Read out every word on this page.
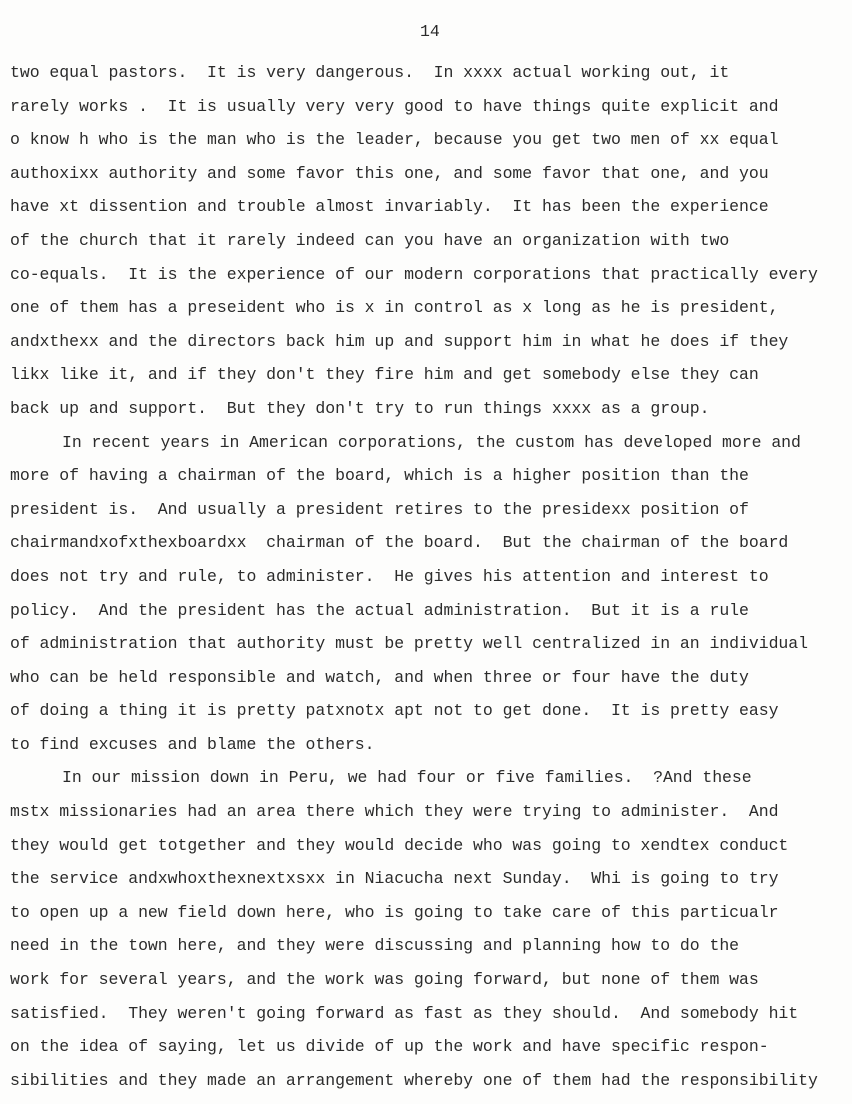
14
two equal pastors.  It is very dangerous.  In xxxx actual working out, it
rarely works .  It is usually very very good to have things quite explicit and
o know h who is the man who is the leader, because you get two men of xx equal
authoxixx authority and some favor this one, and some favor that one, and you
have xt dissention and trouble almost invariably.  It has been the experience
of the church that it rarely indeed can you have an organization with two
co-equals.  It is the experience of our modern corporations that practically every
one of them has a preseident who is x in control as x long as he is president,
andxthexx and the directors back him up and support him in what he does if they
likx like it, and if they don't they fire him and get somebody else they can
back up and support.  But they don't try to run things xxxx as a group.
In recent years in American corporations, the custom has developed more and
more of having a chairman of the board, which is a higher position than the
president is.  And usually a president retires to the presidexx position of
chairmandxofxthexboardxx  chairman of the board.  But the chairman of the board
does not try and rule, to administer.  He gives his attention and interest to
policy.  And the president has the actual administration.  But it is a rule
of administration that authority must be pretty well centralized in an individual
who can be held responsible and watch, and when three or four have the duty
of doing a thing it is pretty patxnotx apt not to get done.  It is pretty easy
to find excuses and blame the others.
In our mission down in Peru, we had four or five families.  ?And these
mstx missionaries had an area there which they were trying to administer.  And
they would get totgether and they would decide who was going to xendtex conduct
the service andxwhoxthexnextxsxx in Niacucha next Sunday.  Whi is going to try
to open up a new field down here, who is going to take care of this particualr
need in the town here, and they were discussing and planning how to do the
work for several years, and the work was going forward, but none of them was
satisfied.  They weren't going forward as fast as they should.  And somebody hit
on the idea of saying, let us divide of up the work and have specific respon-
sibilities and they made an arrangement whereby one of them had the responsibility
